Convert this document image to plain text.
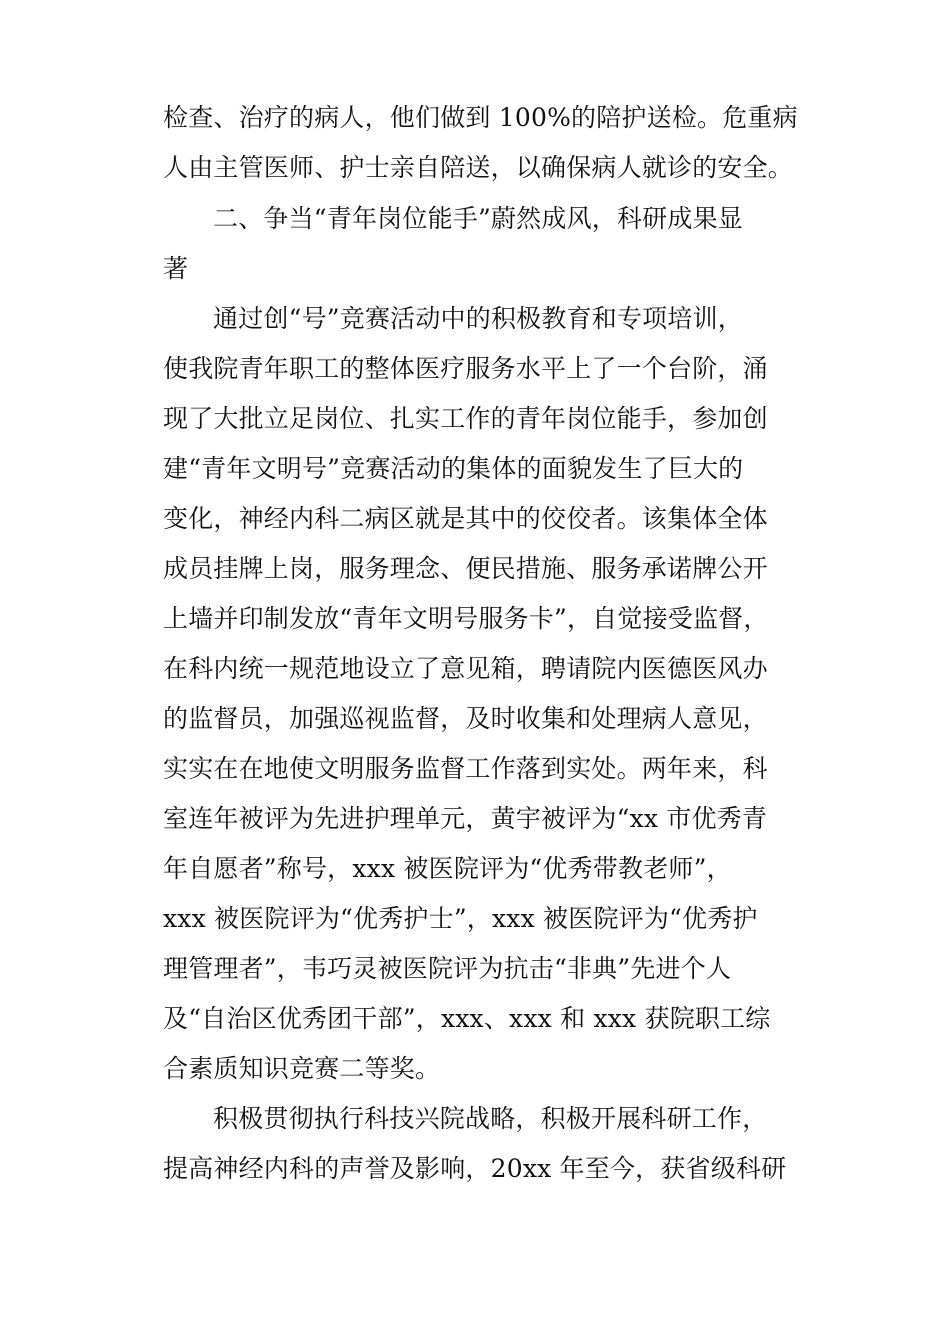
检查、治疗的病人，他们做到 100%的陪护送检。危重病
人由主管医师、护士亲自陪送，以确保病人就诊的安全。
二、争当“青年岗位能手”蔚然成风，科研成果显
著
通过创“号”竞赛活动中的积极教育和专项培训，
使我院青年职工的整体医疗服务水平上了一个台阶，涌
现了大批立足岗位、扎实工作的青年岗位能手，参加创
建“青年文明号”竞赛活动的集体的面貌发生了巨大的
变化，神经内科二病区就是其中的佼佼者。该集体全体
成员挂牌上岗，服务理念、便民措施、服务承诺牌公开
上墙并印制发放“青年文明号服务卡”，自觉接受监督，
在科内统一规范地设立了意见箱，聘请院内医德医风办
的监督员，加强巡视监督，及时收集和处理病人意见，
实实在在地使文明服务监督工作落到实处。两年来，科
室连年被评为先进护理单元，黄宇被评为“xx 市优秀青
年自愿者”称号，xxx 被医院评为“优秀带教老师”，
xxx 被医院评为“优秀护士”，xxx 被医院评为“优秀护
理管理者”，韦巧灵被医院评为抗击“非典”先进个人
及“自治区优秀团干部”，xxx、xxx 和 xxx 获院职工综
合素质知识竞赛二等奖。
积极贯彻执行科技兴院战略，积极开展科研工作，
提高神经内科的声誉及影响，20xx 年至今，获省级科研
